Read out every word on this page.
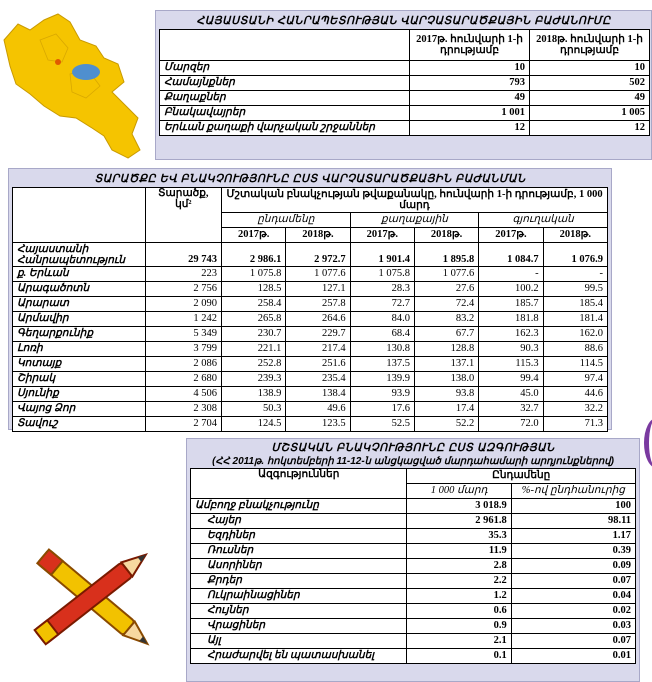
ՀԱՅԱՍՏԱՆԻ ՀԱՆՐԱՊԵՏՈՒԹՅԱՆ ՎԱՐՉԱՏԱՐԱԾՔԱՅԻՆ ԲԱԺԱՆՈՒՄԸ
	2017թ. հունվարի 1-ի դրությամբ	2018թ. հունվարի 1-ի դրությամբ
Մարզեր	10	10
Համայնքներ	793	502
Քաղաքներ	49	49
Բնակավայրեր	1 001	1 005
Երևան քաղաքի վարչական շրջաններ	12	12
ՏԱՐԱԾՔԸ ԵՎ ԲՆԱԿՉՈՒԹՅՈՒՆԸ ԸՍՏ ՎԱՐՉԱՏԱՐԱԾՔԱՅԻՆ ԲԱԺԱՆՄԱՆ
	Տարածք, կմ²	Մշտական բնակչության թվաքանակը, հունվարի 1-ի դրությամբ, 1 000 մարդ					
		ընդամենը		քաղաքային		գյուղական	
		2017թ.	2018թ.	2017թ.	2018թ.	2017թ.	2018թ.
Հայաստանի Հանրապետություն	29 743	2 986.1	2 972.7	1 901.4	1 895.8	1 084.7	1 076.9
ք. Երևան	223	1 075.8	1 077.6	1 075.8	1 077.6	-	-
Արագածոտն	2 756	128.5	127.1	28.3	27.6	100.2	99.5
Արարատ	2 090	258.4	257.8	72.7	72.4	185.7	185.4
Արմավիր	1 242	265.8	264.6	84.0	83.2	181.8	181.4
Գեղարքունիք	5 349	230.7	229.7	68.4	67.7	162.3	162.0
Լոռի	3 799	221.1	217.4	130.8	128.8	90.3	88.6
Կոտայք	2 086	252.8	251.6	137.5	137.1	115.3	114.5
Շիրակ	2 680	239.3	235.4	139.9	138.0	99.4	97.4
Սյունիք	4 506	138.9	138.4	93.9	93.8	45.0	44.6
Վայոց Ձոր	2 308	50.3	49.6	17.6	17.4	32.7	32.2
Տավուշ	2 704	124.5	123.5	52.5	52.2	72.0	71.3
ՄՇՏԱԿԱՆ ԲՆԱԿՉՈՒԹՅՈՒՆԸ ԸՍՏ ԱԶԳՈՒԹՅԱՆ
(ՀՀ 2011թ. հոկտեմբերի 11-12-ն անցկացված մարդահամարի արդյունքներով)
Ազգություններ	Ընդամենը	
	1 000 մարդ	%-ով ընդհանուրից
Ամբողջ բնակչությունը	3 018.9	100
Հայեր	2 961.8	98.11
Եզդիներ	35.3	1.17
Ռուսներ	11.9	0.39
Ասորիներ	2.8	0.09
Քրդեր	2.2	0.07
Ուկրաինացիներ	1.2	0.04
Հույներ	0.6	0.02
Վրացիներ	0.9	0.03
Այլ	2.1	0.07
Հրաժարվել են պատասխանել	0.1	0.01
